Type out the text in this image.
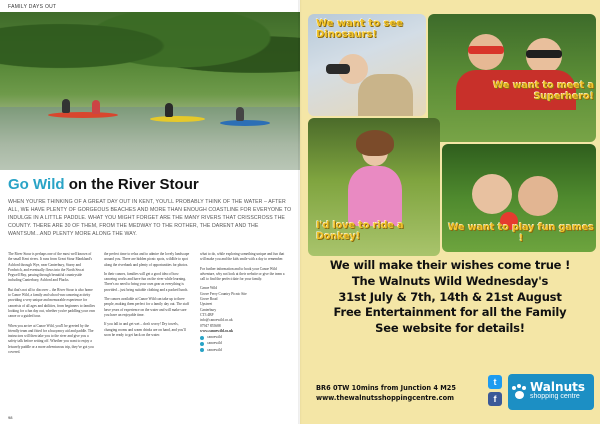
FAMILY DAYS OUT
Go Wild on the River Stour
WHEN YOU'RE THINKING OF A GREAT DAY OUT IN KENT, YOU'LL PROBABLY THINK OF THE WATER – AFTER ALL, WE HAVE PLENTY OF GORGEOUS BEACHES AND MORE THAN ENOUGH COASTLINE FOR EVERYONE TO INDULGE IN A LITTLE PADDLE. WHAT YOU MIGHT FORGET ARE THE MANY RIVERS THAT CRISSCROSS THE COUNTY. THERE ARE 30 OF THEM, FROM THE MEDWAY TO THE ROTHER, THE DARENT AND THE WANTSUM...AND PLENTY MORE ALONG THE WAY.

The River Stour is perhaps one of the most well known of the small Kent rivers. It runs from Great Stour Mankland's Ashford through Wye, near Canterbury, Sturry and Fordwich, and eventually flows into the North Sea at Pegwell Bay, passing through beautiful countryside including Canterbury, Ashford and Plucks.

But that's not all to discover – the River Stour is also home to Canoe Wild, a family and school-run canoeing activity providing a very unique and memorable experience for canoeists of all ages and abilities, from beginners to families looking for a fun day out, whether you're paddling your own canoe or a guided tour.

When you arrive at Canoe Wild, you'll be greeted by the friendly team and fitted for a buoyancy aid and paddle. The instructors will then take you to the river and give you a safety talk before setting off. Whether you want to enjoy a leisurely paddle or a more adventurous trip, they've got you covered.

the perfect time to relax and to admire the lovely landscape around you. There are hidden picnic spots, wildlife to spot along the riverbank and plenty of opportunities for photos.

In their canoes, families will get a good idea of how canoeing works and have fun on the river while learning. There's no need to bring your own gear as everything is provided – just bring suitable clothing and a packed lunch.

The canoes available at Canoe Wild can take up to three people, making them perfect for a family day out. The staff have years of experience on the water and will make sure you have an enjoyable time.

If you fall in and get wet – don't worry! Dry towels, changing rooms and warm drinks are on hand, and you'll soon be ready to get back on the water.

what to do, while exploring something unique and fun that will make you and the kids smile with a day to remember.

For further information and to book your Canoe Wild adventure, why not look at their website or give the team a call to find the perfect date for your family.

Canoe Wild
Grove Ferry Country Picnic Site
Grove Road
Upstreet
Canterbury
CT3 4BP
info@canoewild.co.uk
07947 855688
www.canoewild.co.uk
canoewild
canoewild
canoewild
98
We want to see Dinosaurs!
We want to meet a Superhero!
I'd love to ride a Donkey!
We want to play fun games !
We will make their wishes come true !
The Walnuts Wild Wednesday's
31st July & 7th, 14th & 21st August
Free Entertainment for all the Family
See website for details!
BR6 0TW 10mins from Junction 4 M25
www.thewalnutsshoppingcentre.com
t
f
Walnuts
shopping centre
